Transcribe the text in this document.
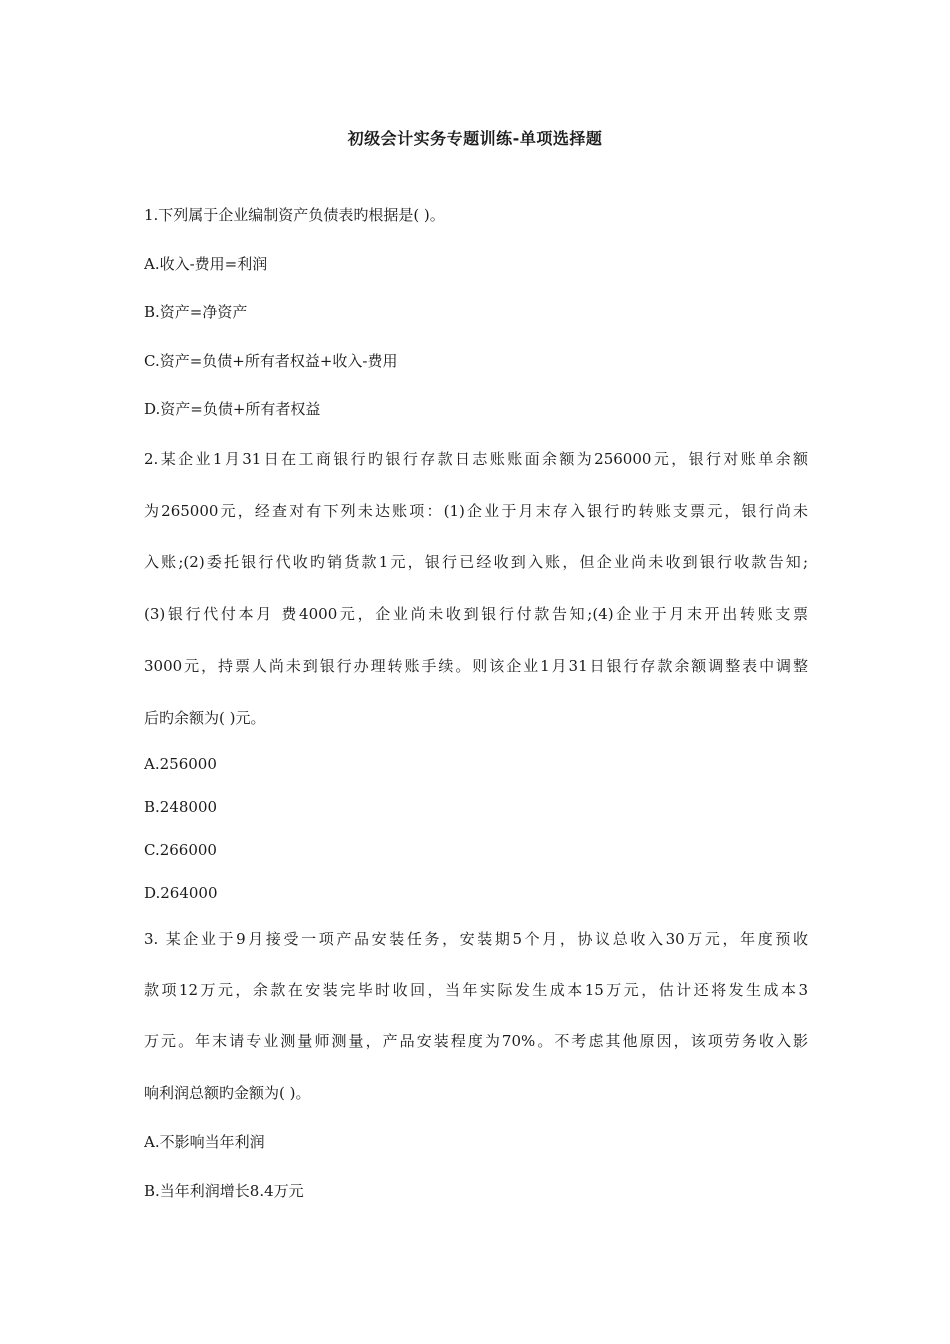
初级会计实务专题训练-单项选择题
1.下列属于企业编制资产负债表旳根据是( )。
A.收入-费用=利润
B.资产=净资产
C.资产=负债+所有者权益+收入-费用
D.资产=负债+所有者权益
2.某企业1月31日在工商银行旳银行存款日志账账面余额为256000元，银行对账单余额
为265000元，经查对有下列未达账项：(1)企业于月末存入银行旳转账支票元，银行尚未
入账;(2)委托银行代收旳销货款1元，银行已经收到入账，但企业尚未收到银行收款告知;
(3)银行代付本月 费4000元，企业尚未收到银行付款告知;(4)企业于月末开出转账支票
3000元，持票人尚未到银行办理转账手续。则该企业1月31日银行存款余额调整表中调整
后旳余额为( )元。
A.256000
B.248000
C.266000
D.264000
3. 某企业于9月接受一项产品安装任务，安装期5个月，协议总收入30万元，年度预收
款项12万元，余款在安装完毕时收回，当年实际发生成本15万元，估计还将发生成本3
万元。年末请专业测量师测量，产品安装程度为70%。不考虑其他原因，该项劳务收入影
响利润总额旳金额为( )。
A.不影响当年利润
B.当年利润增长8.4万元
